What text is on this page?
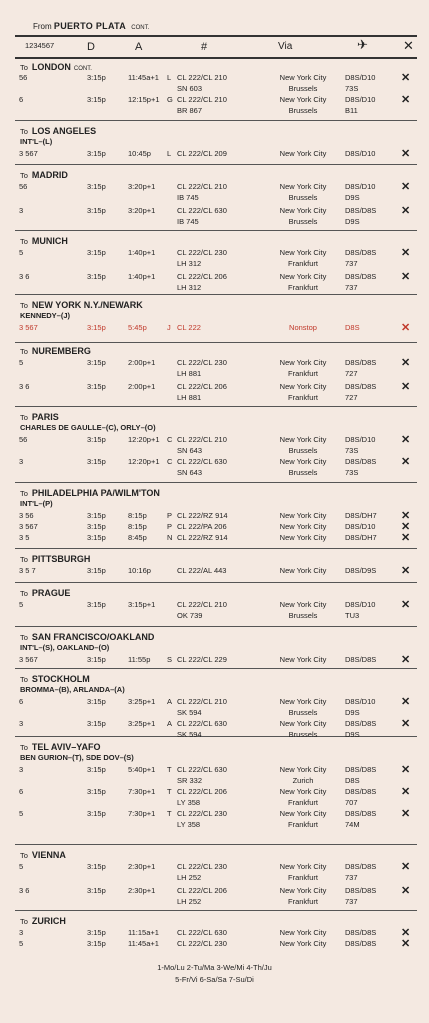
From PUERTO PLATA CONT.
1234567	D	A	#	Via	✈	✕
To LONDON CONT.
56	3:15p	11:45a+1 L CL 222/CL 210	New York City	D8S/D10 ✕
SN 603	Brussels	73S
6	3:15p	12:15p+1 G CL 222/CL 210	New York City	D8S/D10 ✕
BR 867	Brussels	B11
To LOS ANGELES
INT'L–(L)
3 567	3:15p	10:45p L CL 222/CL 209	New York City	D8S/D10 ✕
To MADRID
56	3:15p	3:20p+1	CL 222/CL 210	New York City	D8S/D10 ✕
IB 745	Brussels	D9S
3	3:15p	3:20p+1	CL 222/CL 630	New York City	D8S/D8S ✕
IB 745	Brussels	D9S
To MUNICH
5	3:15p	1:40p+1	CL 222/CL 230	New York City	D8S/D8S ✕
LH 312	Frankfurt	737
3 6	3:15p	1:40p+1	CL 222/CL 206	New York City	D8S/D8S ✕
LH 312	Frankfurt	737
To NEW YORK N.Y./NEWARK
KENNEDY–(J)
3 567	3:15p	5:45p	J CL 222	Nonstop	D8S	✕
To NUREMBERG
5	3:15p	2:00p+1	CL 222/CL 230	New York City	D8S/D8S ✕
LH 881	Frankfurt	727
3 6	3:15p	2:00p+1	CL 222/CL 206	New York City	D8S/D8S ✕
LH 881	Frankfurt	727
To PARIS
CHARLES DE GAULLE–(C), ORLY–(O)
56	3:15p	12:20p+1 C CL 222/CL 210	New York City	D8S/D10 ✕
SN 643	Brussels	73S
3	3:15p	12:20p+1 C CL 222/CL 630	New York City	D8S/D8S ✕
SN 643	Brussels	73S
To PHILADELPHIA PA/WILM'TON
INT'L–(P)
3 56	3:15p	8:15p	P CL 222/RZ 914	New York City	D8S/DH7 ✕
3 567	3:15p	8:15p	P CL 222/PA 206	New York City	D8S/D10 ✕
3 5	3:15p	8:45p	N CL 222/RZ 914	New York City	D8S/DH7 ✕
To PITTSBURGH
3 5 7	3:15p	10:16p	CL 222/AL 443	New York City	D8S/D9S ✕
To PRAGUE
5	3:15p	3:15p+1	CL 222/CL 210	New York City	D8S/D10 ✕
OK 739	Brussels	TU3
To SAN FRANCISCO/OAKLAND
INT'L–(S), OAKLAND–(O)
3 567	3:15p	11:55p S CL 222/CL 229	New York City	D8S/D8S ✕
To STOCKHOLM
BROMMA–(B), ARLANDA–(A)
6	3:15p	3:25p+1 A CL 222/CL 210	New York City	D8S/D10 ✕
SK 594	Brussels	D9S
3	3:15p	3:25p+1 A CL 222/CL 630	New York City	D8S/D8S ✕
SK 594	Brussels	D9S
To TEL AVIV–YAFO
BEN GURION–(T), SDE DOV–(S)
3	3:15p	5:40p+1 T CL 222/CL 630	New York City	D8S/D8S ✕
SR 332	Zurich	D8S
6	3:15p	7:30p+1 T CL 222/CL 206	New York City	D8S/D8S ✕
LY 358	Frankfurt	707
5	3:15p	7:30p+1 T CL 222/CL 230	New York City	D8S/D8S ✕
LY 358	Frankfurt	74M
To VIENNA
5	3:15p	2:30p+1	CL 222/CL 230	New York City	D8S/D8S ✕
LH 252	Frankfurt	737
3 6	3:15p	2:30p+1	CL 222/CL 206	New York City	D8S/D8S ✕
LH 252	Frankfurt	737
To ZURICH
3	3:15p	11:15a+1	CL 222/CL 630	New York City	D8S/D8S ✕
5	3:15p	11:45a+1	CL 222/CL 230	New York City	D8S/D8S ✕
1-Mo/Lu 2-Tu/Ma 3-We/Mi 4-Th/Ju
5-Fr/Vi 6-Sa/Sa 7-Su/Di
